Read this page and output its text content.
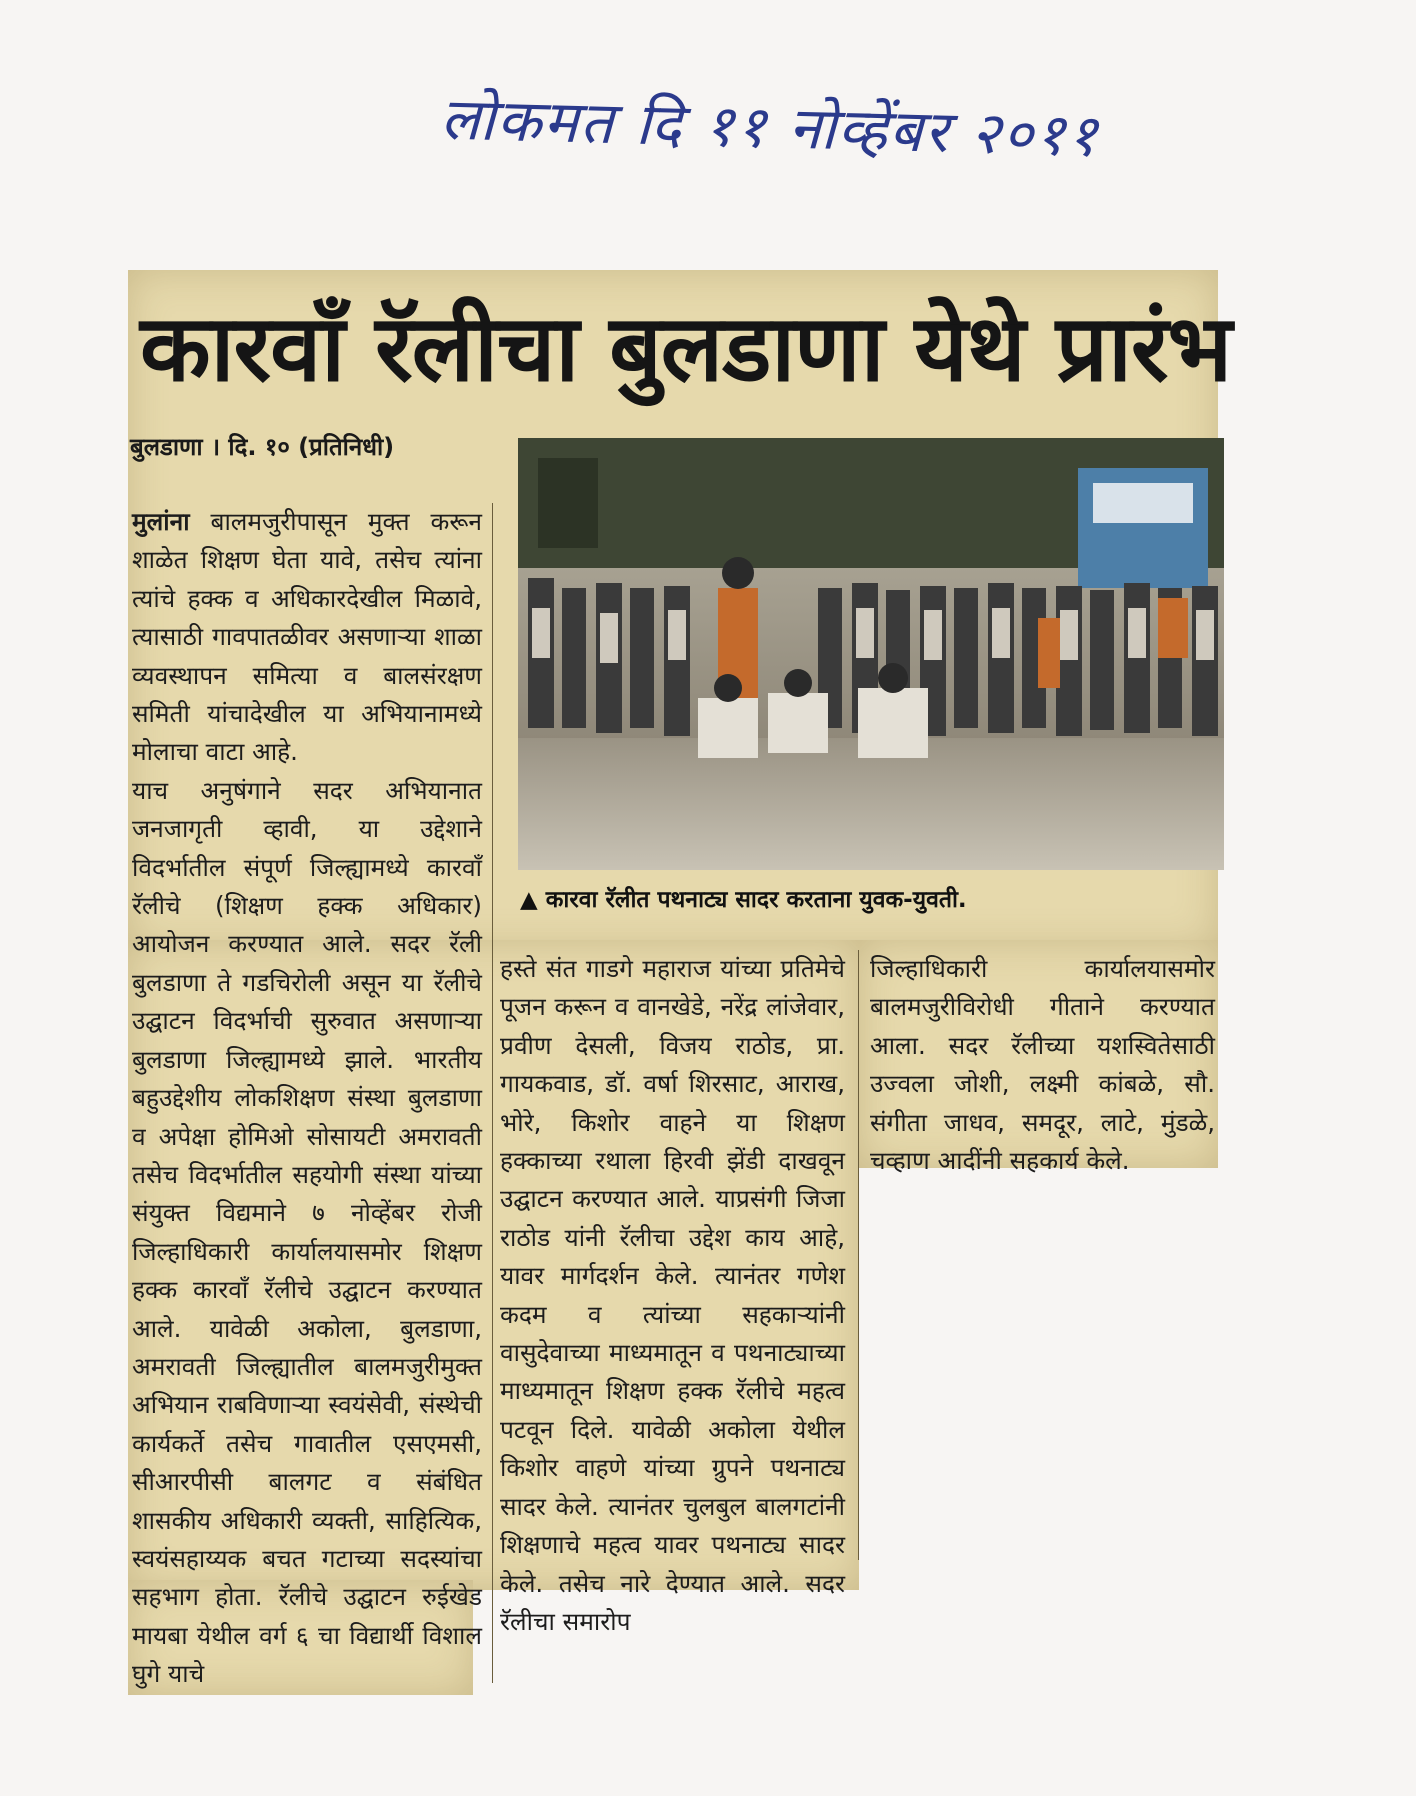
लोकमत दि ११ नोव्हेंबर २०११
कारवाँ रॅलीचा बुलडाणा येथे प्रारंभ
बुलडाणा । दि. १० (प्रतिनिधी)
▲ कारवा रॅलीत पथनाट्य सादर करताना युवक-युवती.

मुलांना बालमजुरीपासून मुक्त करून शाळेत शिक्षण घेता यावे, तसेच त्यांना त्यांचे हक्क व अधिकारदेखील मिळावे, त्यासाठी गावपातळीवर असणाऱ्या शाळा व्यवस्थापन समित्या व बालसंरक्षण समिती यांचादेखील या अभियानामध्ये मोलाचा वाटा आहे.

याच अनुषंगाने सदर अभियानात जनजागृती व्हावी, या उद्देशाने विदर्भातील संपूर्ण जिल्ह्यामध्ये कारवाँ रॅलीचे (शिक्षण हक्क अधिकार) आयोजन करण्यात आले. सदर रॅली बुलडाणा ते गडचिरोली असून या रॅलीचे उद्घाटन विदर्भाची सुरुवात असणाऱ्या बुलडाणा जिल्ह्यामध्ये झाले. भारतीय बहुउद्देशीय लोकशिक्षण संस्था बुलडाणा व अपेक्षा होमिओ सोसायटी अमरावती तसेच विदर्भातील सहयोगी संस्था यांच्या संयुक्त विद्यमाने ७ नोव्हेंबर रोजी जिल्हाधिकारी कार्यालयासमोर शिक्षण हक्क कारवाँ रॅलीचे उद्घाटन करण्यात आले. यावेळी अकोला, बुलडाणा, अमरावती जिल्ह्यातील बालमजुरीमुक्त अभियान राबविणाऱ्या स्वयंसेवी, संस्थेची कार्यकर्ते तसेच गावातील एसएमसी, सीआरपीसी बालगट व संबंधित शासकीय अधिकारी व्यक्ती, साहित्यिक, स्वयंसहाय्यक बचत गटाच्या सदस्यांचा सहभाग होता. रॅलीचे उद्घाटन रुईखेड मायबा येथील वर्ग ६ चा विद्यार्थी विशाल घुगे याचे

हस्ते संत गाडगे महाराज यांच्या प्रतिमेचे पूजन करून व वानखेडे, नरेंद्र लांजेवार, प्रवीण देसली, विजय राठोड, प्रा. गायकवाड, डॉ. वर्षा शिरसाट, आराख, भोरे, किशोर वाहने या शिक्षण हक्काच्या रथाला हिरवी झेंडी दाखवून उद्घाटन करण्यात आले. याप्रसंगी जिजा राठोड यांनी रॅलीचा उद्देश काय आहे, यावर मार्गदर्शन केले. त्यानंतर गणेश कदम व त्यांच्या सहकाऱ्यांनी वासुदेवाच्या माध्यमातून व पथनाट्याच्या माध्यमातून शिक्षण हक्क रॅलीचे महत्व पटवून दिले. यावेळी अकोला येथील किशोर वाहणे यांच्या ग्रुपने पथनाट्य सादर केले. त्यानंतर चुलबुल बालगटांनी शिक्षणाचे महत्व यावर पथनाट्य सादर केले. तसेच नारे देण्यात आले. सदर रॅलीचा समारोप

जिल्हाधिकारी कार्यालयासमोर बालमजुरीविरोधी गीताने करण्यात आला. सदर रॅलीच्या यशस्वितेसाठी उज्वला जोशी, लक्ष्मी कांबळे, सौ. संगीता जाधव, समदूर, लाटे, मुंडळे, चव्हाण आदींनी सहकार्य केले.
